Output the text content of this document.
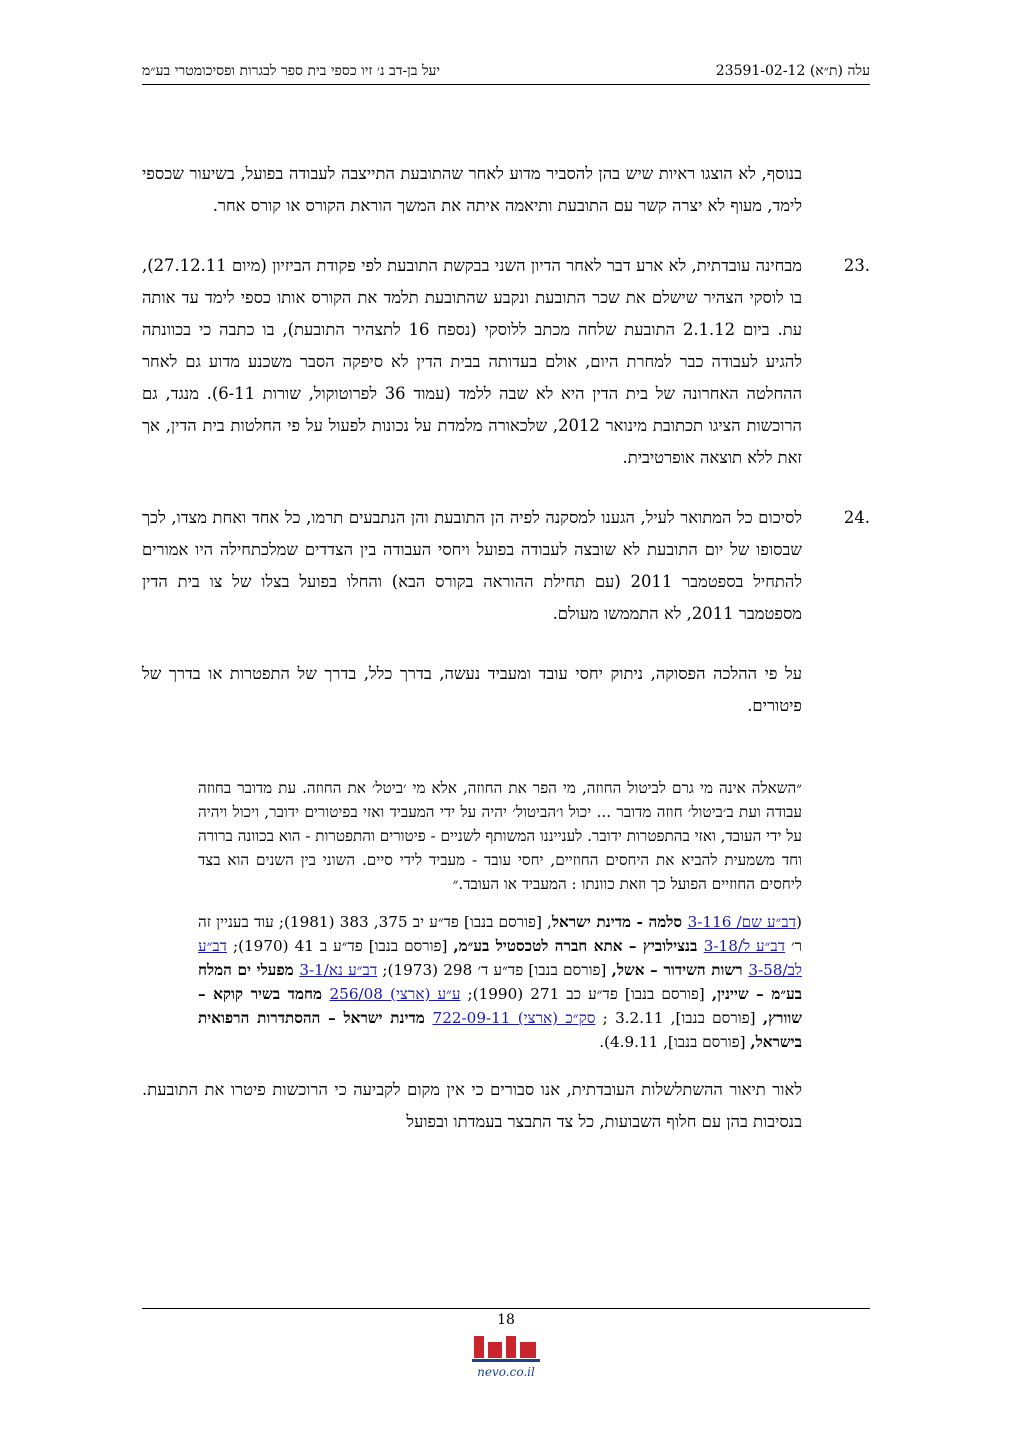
עלה (ת״א) 23591-02-12
יעל בן-דב נ׳ זיו כספי בית ספר לבגרות ופסיכומטרי בע״מ

בנוסף, לא הוצגו ראיות שיש בהן להסביר מדוע לאחר שהתובעת התייצבה לעבודה בפועל, בשיעור שכספי לימד, מעוף לא יצרה קשר עם התובעת ותיאמה איתה את המשך הוראת הקורס או קורס אחר.

23.
מבחינה עובדתית, לא ארע דבר לאחר הדיון השני בבקשת התובעת לפי פקודת הביזיון (מיום 27.12.11), בו לוסקי הצהיר שישלם את שכר התובעת ונקבע שהתובעת תלמד את הקורס אותו כספי לימד עד אותה עת. ביום 2.1.12 התובעת שלחה מכתב ללוסקי (נספח 16 לתצהיר התובעת), בו כתבה כי בכוונתה להגיע לעבודה כבר למחרת היום, אולם בעדותה בבית הדין לא סיפקה הסבר משכנע מדוע גם לאחר ההחלטה האחרונה של בית הדין היא לא שבה ללמד (עמוד 36 לפרוטוקול, שורות 6-11). מנגד, גם הרוכשות הציגו תכתובת מינואר 2012, שלכאורה מלמדת על נכונות לפעול על פי החלטות בית הדין, אך זאת ללא תוצאה אופרטיבית.
24.
לסיכום כל המתואר לעיל, הגענו למסקנה לפיה הן התובעת והן הנתבעים תרמו, כל אחד ואחת מצדו, לכך שבסופו של יום התובעת לא שובצה לעבודה בפועל ויחסי העבודה בין הצדדים שמלכתחילה היו אמורים להתחיל בספטמבר 2011 (עם תחילת ההוראה בקורס הבא) והחלו בפועל בצלו של צו בית הדין מספטמבר 2011, לא התממשו מעולם.

על פי ההלכה הפסוקה, ניתוק יחסי עובד ומעביד נעשה, בדרך כלל, בדרך של התפטרות או בדרך של פיטורים.

״השאלה אינה מי גרם לביטול החוזה, מי הפר את החוזה, אלא מי ׳ביטל׳ את החוזה. עת מדובר בחוזה עבודה ועת ב׳ביטול׳ חוזה מדובר ... יכול ו׳הביטול׳ יהיה על ידי המעביד ואזי בפיטורים ידובר, ויכול ויהיה על ידי העובד, ואזי בהתפטרות ידובר. לענייננו המשותף לשניים - פיטורים והתפטרות - הוא בכוונה ברורה וחד משמעית להביא את היחסים החוזיים, יחסי עובד - מעביד לידי סיים. השוני בין השנים הוא בצד ליחסים החוזיים הפועל כך וזאת כוונתו : המעביד או העובד.״

(דב״ע שם/ 3-116 סלמה - מדינת ישראל, [פורסם בנבו] פד״ע יב 375, 383 (1981); עוד בעניין זה ר׳ דב״ע ל/3-18 בנצילוביץ – אתא חברה לטכסטיל בע״מ, [פורסם בנבו] פד״ע ב 41 (1970); דב״ע לב/3-58 רשות השידור – אשל, [פורסם בנבו] פד״ע ד׳ 298 (1973); דב״ע נא/3-1 מפעלי ים המלח בע״מ – שיינין, [פורסם בנבו] פד״ע כב 271 (1990); ע״ע (ארצי) 256/08 מחמד בשיר קוקא – שוורץ, [פורסם בנבו], 3.2.11 ; סק״כ (ארצי) 722-09-11 מדינת ישראל – ההסתדרות הרפואית בישראל, [פורסם בנבו], 4.9.11).

לאור תיאור ההשתלשלות העובדתית, אנו סבורים כי אין מקום לקביעה כי הרוכשות פיטרו את התובעת. בנסיבות בהן עם חלוף השבועות, כל צד התבצר בעמדתו ובפועל

18
nevo.co.il
